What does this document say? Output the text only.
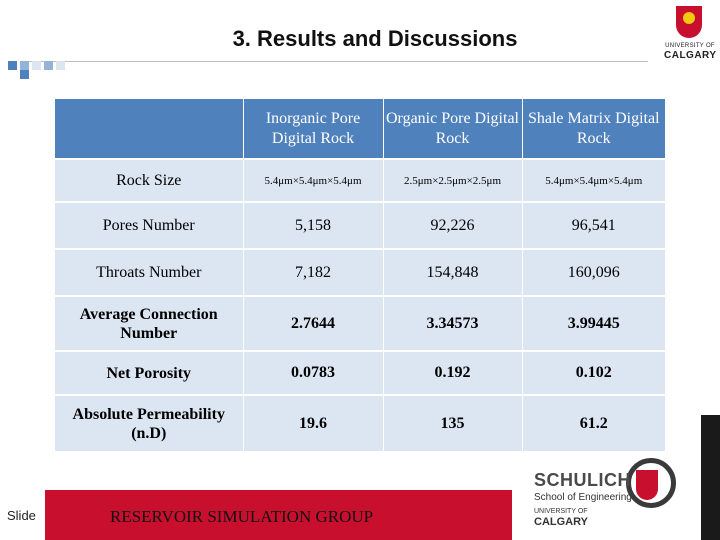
3. Results and Discussions	UNIVERSITY OF
CALGARY
	Inorganic Pore Digital Rock	Organic Pore Digital Rock	Shale Matrix Digital Rock
Rock Size	5.4μm×5.4μm×5.4μm	2.5μm×2.5μm×2.5μm	5.4μm×5.4μm×5.4μm
Pores Number	5,158	92,226	96,541
Throats Number	7,182	154,848	160,096
Average Connection Number	2.7644	3.34573	3.99445
Net Porosity	0.0783	0.192	0.102
Absolute Permeability (n.D)	19.6	135	61.2
Slide	RESERVOIR SIMULATION GROUP
SCHULICH
School of Engineering
UNIVERSITY OF
CALGARY
